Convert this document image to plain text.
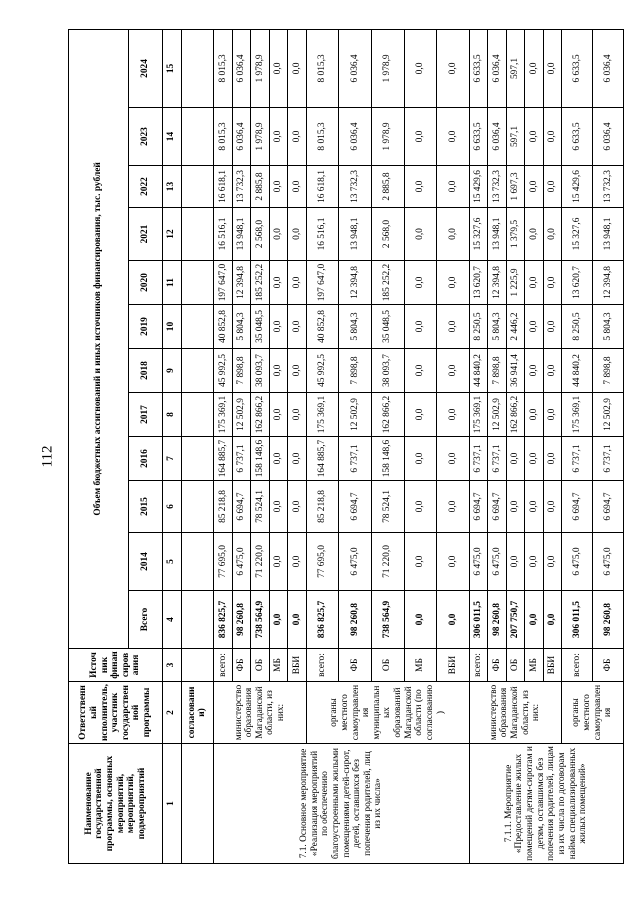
112
Наименование государственной программы, основных мероприятий, мероприятий, подмероприятий	Ответственный исполнитель, участник государственной программы	Источник финансирования	Объем бюджетных ассигнований и иных источников финансирования, тыс. рублей											
			Всего	2014	2015	2016	2017	2018	2019	2020	2021	2022	2023	2024
1	2	3	4	5	6	7	8	9	10	11	12	13	14	15
	согласовании)													
7.1. Основное мероприятие «Реализация мероприятий по обеспечению благоустроенными жилыми помещениями детей-сирот, детей, оставшихся без попечения родителей, лиц из их числа»	министерство образования Магаданской области, из них:	всего:	836 825,7	77 695,0	85 218,8	164 885,7	175 369,1	45 992,5	40 852,8	197 647,0	16 516,1	16 618,1	8 015,3	8 015,3
		ФБ	98 260,8	6 475,0	6 694,7	6 737,1	12 502,9	7 898,8	5 804,3	12 394,8	13 948,1	13 732,3	6 036,4	6 036,4
		ОБ	738 564,9	71 220,0	78 524,1	158 148,6	162 866,2	38 093,7	35 048,5	185 252,2	2 568,0	2 885,8	1 978,9	1 978,9
		МБ	0,0	0,0	0,0	0,0	0,0	0,0	0,0	0,0	0,0	0,0	0,0	0,0
		ВБИ	0,0	0,0	0,0	0,0	0,0	0,0	0,0	0,0	0,0	0,0	0,0	0,0
	органы местного самоуправления муниципальных образований Магаданской области (по согласованию)	всего:	836 825,7	77 695,0	85 218,8	164 885,7	175 369,1	45 992,5	40 852,8	197 647,0	16 516,1	16 618,1	8 015,3	8 015,3
		ФБ	98 260,8	6 475,0	6 694,7	6 737,1	12 502,9	7 898,8	5 804,3	12 394,8	13 948,1	13 732,3	6 036,4	6 036,4
		ОБ	738 564,9	71 220,0	78 524,1	158 148,6	162 866,2	38 093,7	35 048,5	185 252,2	2 568,0	2 885,8	1 978,9	1 978,9
		МБ	0,0	0,0	0,0	0,0	0,0	0,0	0,0	0,0	0,0	0,0	0,0	0,0
		ВБИ	0,0	0,0	0,0	0,0	0,0	0,0	0,0	0,0	0,0	0,0	0,0	0,0
7.1.1. Мероприятие «Предоставление жилых помещений детям-сиротам и детям, оставшимся без попечения родителей, лицам из их числа по договорам найма специализированных жилых помещений»	министерство образования Магаданской области, из них:	всего:	306 011,5	6 475,0	6 694,7	6 737,1	175 369,1	44 840,2	8 250,5	13 620,7	15 327,6	15 429,6	6 633,5	6 633,5
		ФБ	98 260,8	6 475,0	6 694,7	6 737,1	12 502,9	7 898,8	5 804,3	12 394,8	13 948,1	13 732,3	6 036,4	6 036,4
		ОБ	207 750,7	0,0	0,0	0,0	162 866,2	36 941,4	2 446,2	1 225,9	1 379,5	1 697,3	597,1	597,1
		МБ	0,0	0,0	0,0	0,0	0,0	0,0	0,0	0,0	0,0	0,0	0,0	0,0
		ВБИ	0,0	0,0	0,0	0,0	0,0	0,0	0,0	0,0	0,0	0,0	0,0	0,0
	органы местного самоуправления	всего:	306 011,5	6 475,0	6 694,7	6 737,1	175 369,1	44 840,2	8 250,5	13 620,7	15 327,6	15 429,6	6 633,5	6 633,5
		ФБ	98 260,8	6 475,0	6 694,7	6 737,1	12 502,9	7 898,8	5 804,3	12 394,8	13 948,1	13 732,3	6 036,4	6 036,4
